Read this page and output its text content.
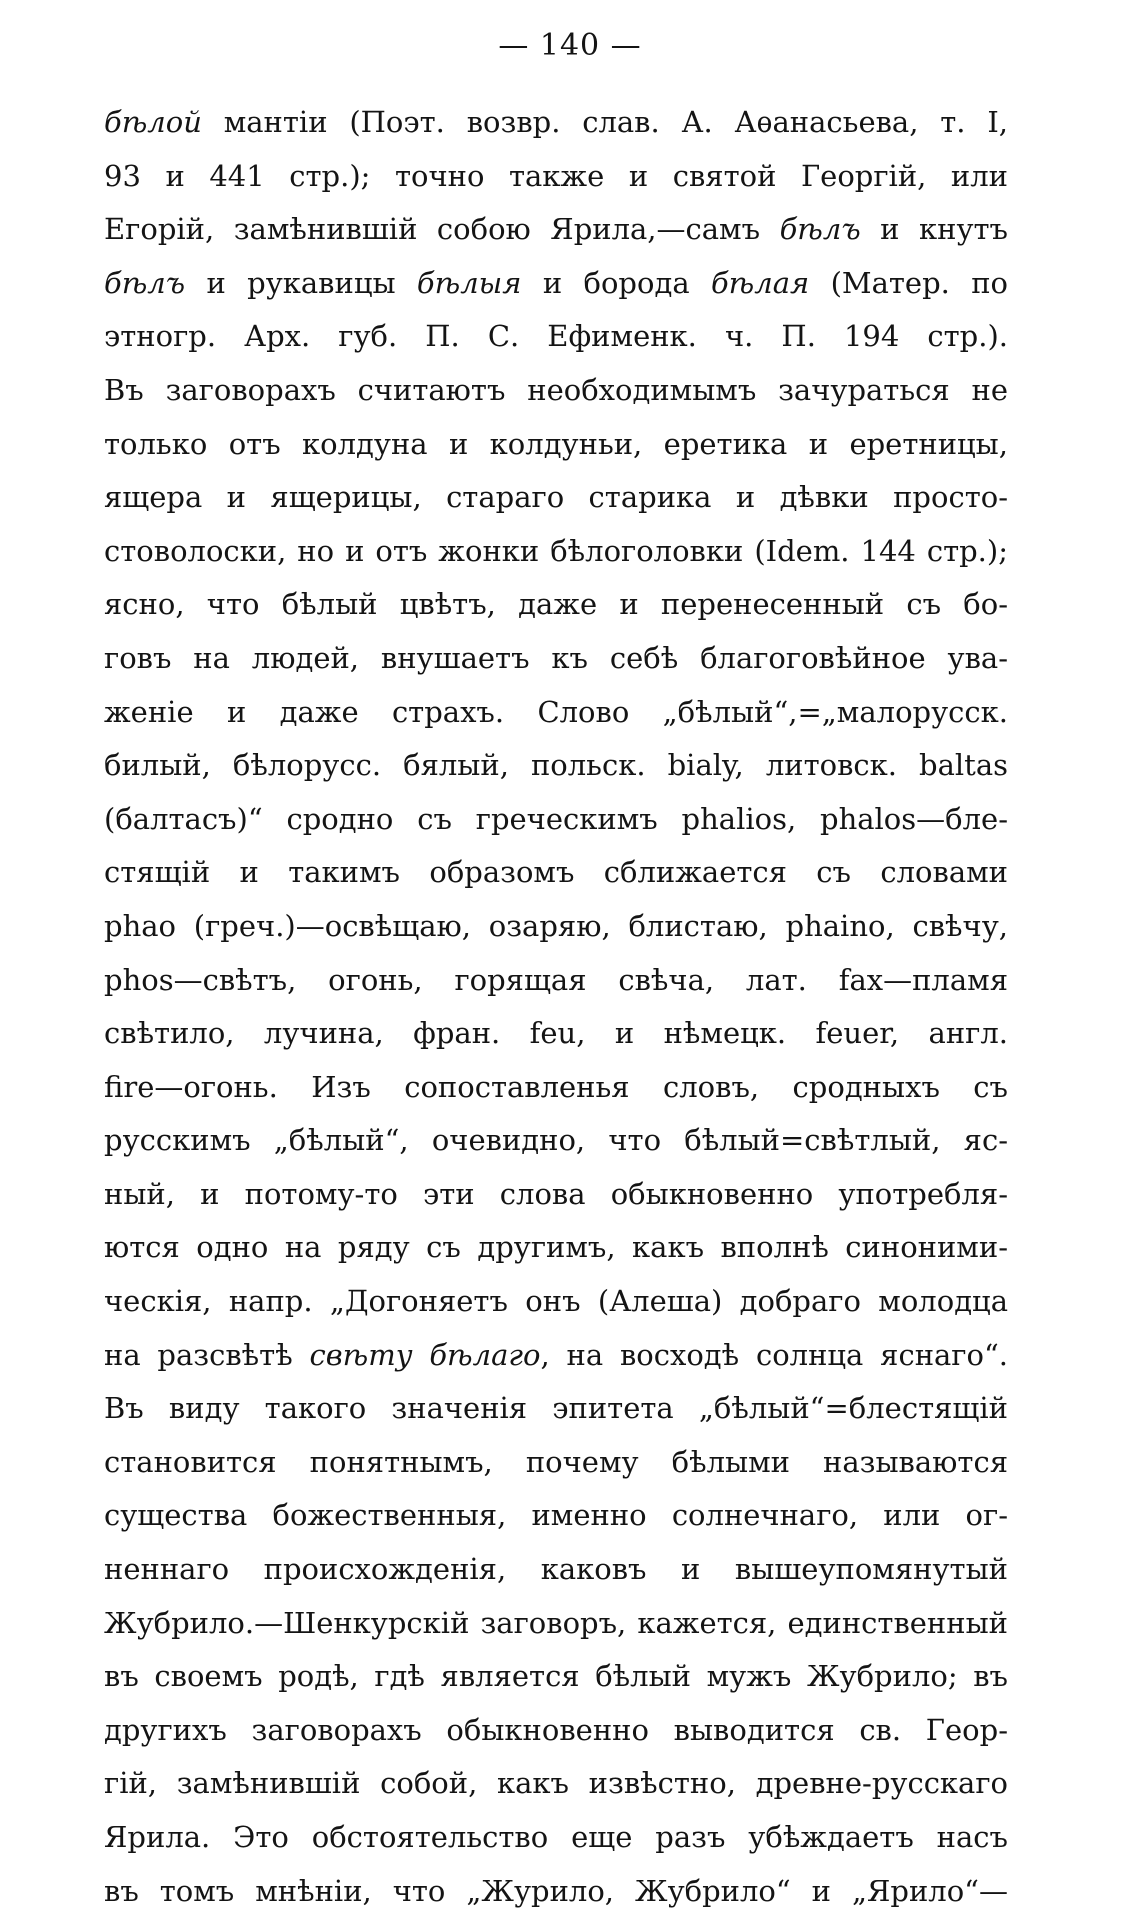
— 140 —
бѣлой мантіи (Поэт. возвр. слав. А. Аѳанасьева, т. I,
93 и 441 стр.); точно также и святой Георгій, или
Егорій, замѣнившій собою Ярила,—самъ бѣлъ и кнутъ
бѣлъ и рукавицы бѣлыя и борода бѣлая (Матер. по
этногр. Арх. губ. П. С. Ефименк. ч. П. 194 стр.).
Въ заговорахъ считаютъ необходимымъ зачураться не
только отъ колдуна и колдуньи, еретика и еретницы,
ящера и ящерицы, стараго старика и дѣвки просто-
стоволоски, но и отъ жонки бѣлоголовки (Idem. 144 стр.);
ясно, что бѣлый цвѣтъ, даже и перенесенный съ бо-
говъ на людей, внушаетъ къ себѣ благоговѣйное ува-
женіе и даже страхъ. Слово „бѣлый“,=„малорусск.
билый, бѣлорусс. бялый, польск. bialy, литовск. baltas
(балтасъ)“ сродно съ греческимъ phalios, phalos—бле-
стящій и такимъ образомъ сближается съ словами
phao (греч.)—освѣщаю, озаряю, блистаю, phaino, свѣчу,
phos—свѣтъ, огонь, горящая свѣча, лат. fax—пламя
свѣтило, лучина, фран. feu, и нѣмецк. feuer, англ.
fire—огонь. Изъ сопоставленья словъ, сродныхъ съ
русскимъ „бѣлый“, очевидно, что бѣлый=свѣтлый, яс-
ный, и потому-то эти слова обыкновенно употребля-
ются одно на ряду съ другимъ, какъ вполнѣ синоними-
ческія, напр. „Догоняетъ онъ (Алеша) добраго молодца
на разсвѣтѣ свѣту бѣлаго, на восходѣ солнца яснаго“.
Въ виду такого значенія эпитета „бѣлый“=блестящій
становится понятнымъ, почему бѣлыми называются
существа божественныя, именно солнечнаго, или ог-
неннаго происхожденія, каковъ и вышеупомянутый
Жубрило.—Шенкурскій заговоръ, кажется, единственный
въ своемъ родѣ, гдѣ является бѣлый мужъ Жубрило; въ
другихъ заговорахъ обыкновенно выводится св. Геор-
гій, замѣнившій собой, какъ извѣстно, древне-русскаго
Ярила. Это обстоятельство еще разъ убѣждаетъ насъ
въ томъ мнѣніи, что „Журило, Жубрило“ и „Ярило“—
